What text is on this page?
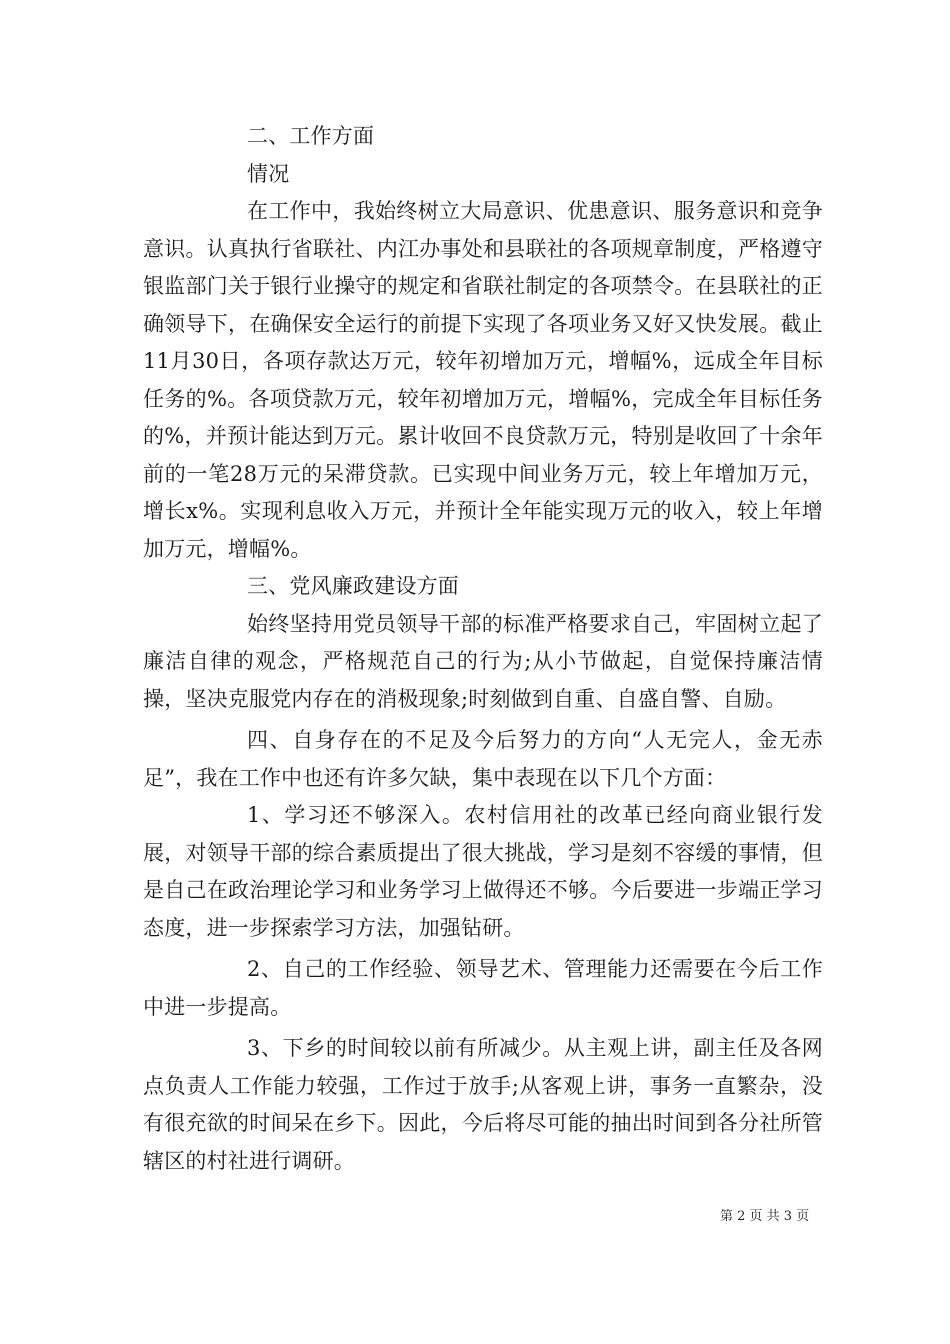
二、工作方面

情况

在工作中，我始终树立大局意识、优患意识、服务意识和竞争意识。认真执行省联社、内江办事处和县联社的各项规章制度，严格遵守银监部门关于银行业操守的规定和省联社制定的各项禁令。在县联社的正确领导下，在确保安全运行的前提下实现了各项业务又好又快发展。截止11月30日，各项存款达万元，较年初增加万元，增幅%，远成全年目标任务的%。各项贷款万元，较年初增加万元，增幅%，完成全年目标任务的%，并预计能达到万元。累计收回不良贷款万元，特别是收回了十余年前的一笔28万元的呆滞贷款。已实现中间业务万元，较上年增加万元，增长x%。实现利息收入万元，并预计全年能实现万元的收入，较上年增加万元，增幅%。

三、党风廉政建设方面

始终坚持用党员领导干部的标准严格要求自己，牢固树立起了廉洁自律的观念，严格规范自己的行为;从小节做起，自觉保持廉洁情操，坚决克服党内存在的消极现象;时刻做到自重、自盛自警、自励。

四、自身存在的不足及今后努力的方向“人无完人，金无赤足”，我在工作中也还有许多欠缺，集中表现在以下几个方面：

1、学习还不够深入。农村信用社的改革已经向商业银行发展，对领导干部的综合素质提出了很大挑战，学习是刻不容缓的事情，但是自己在政治理论学习和业务学习上做得还不够。今后要进一步端正学习态度，进一步探索学习方法，加强钻研。

2、自己的工作经验、领导艺术、管理能力还需要在今后工作中进一步提高。

3、下乡的时间较以前有所减少。从主观上讲，副主任及各网点负责人工作能力较强，工作过于放手;从客观上讲，事务一直繁杂，没有很充欲的时间呆在乡下。因此，今后将尽可能的抽出时间到各分社所管辖区的村社进行调研。

第 2 页 共 3 页
